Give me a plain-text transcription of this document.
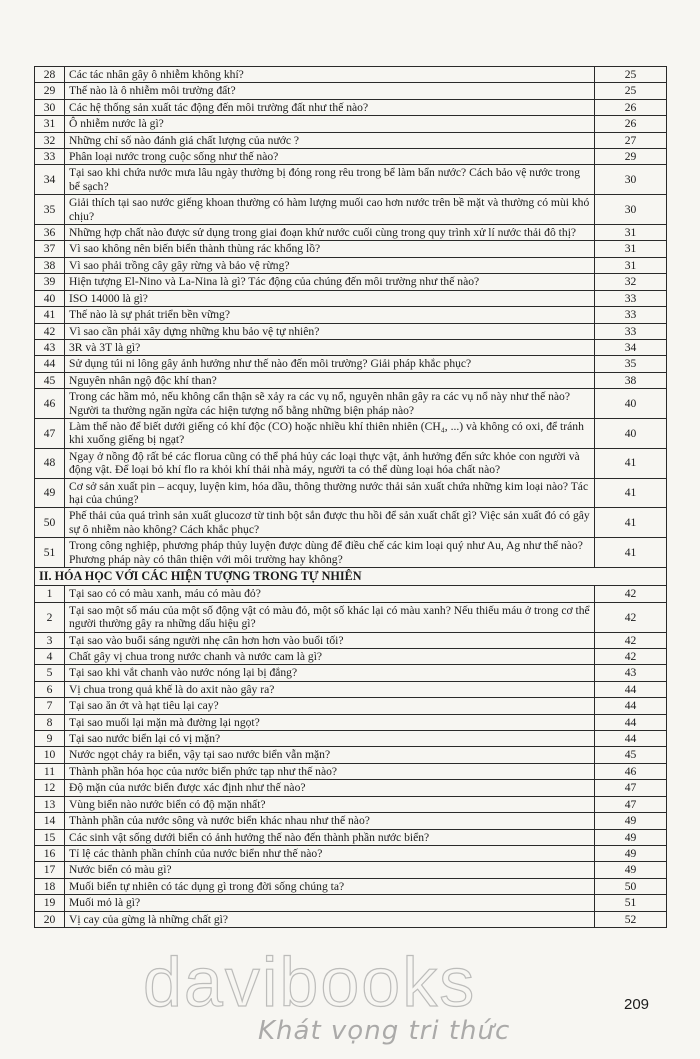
28	Các tác nhân gây ô nhiễm không khí?	25
29	Thế nào là ô nhiễm môi trường đất?	25
30	Các hệ thống sản xuất tác động đến môi trường đất như thế nào?	26
31	Ô nhiễm nước là gì?	26
32	Những chỉ số nào đánh giá chất lượng của nước ?	27
33	Phân loại nước trong cuộc sống như thế nào?	29
34	Tại sao khi chứa nước mưa lâu ngày thường bị đóng rong rêu trong bể làm bẩn nước? Cách bảo vệ nước trong bể sạch?	30
35	Giải thích tại sao nước giếng khoan thường có hàm lượng muối cao hơn nước trên bề mặt và thường có mùi khó chịu?	30
36	Những hợp chất nào được sử dụng trong giai đoạn khử nước cuối cùng trong quy trình xử lí nước thải đô thị?	31
37	Vì sao không nên biến biển thành thùng rác khổng lồ?	31
38	Vì sao phải trồng cây gây rừng và bảo vệ rừng?	31
39	Hiện tượng El-Nino và La-Nina là gì? Tác động của chúng đến môi trường như thế nào?	32
40	ISO 14000 là gì?	33
41	Thế nào là sự phát triển bền vững?	33
42	Vì sao cần phải xây dựng những khu bảo vệ tự nhiên?	33
43	3R và 3T là gì?	34
44	Sử dụng túi ni lông gây ảnh hưởng như thế nào đến môi trường? Giải pháp khắc phục?	35
45	Nguyên nhân ngộ độc khí than?	38
46	Trong các hầm mỏ, nếu không cẩn thận sẽ xảy ra các vụ nổ, nguyên nhân gây ra các vụ nổ này như thế nào? Người ta thường ngăn ngừa các hiện tượng nổ bằng những biện pháp nào?	40
47	Làm thế nào để biết dưới giếng có khí độc (CO) hoặc nhiều khí thiên nhiên (CH₄, ...) và không có oxi, để tránh khi xuống giếng bị ngạt?	40
48	Ngay ở nồng độ rất bé các florua cũng có thể phá hủy các loại thực vật, ảnh hưởng đến sức khỏe con người và động vật. Để loại bỏ khí flo ra khỏi khí thải nhà máy, người ta có thể dùng loại hóa chất nào?	41
49	Cơ sở sản xuất pin – acquy, luyện kim, hóa dầu, thông thường nước thải sản xuất chứa những kim loại nào? Tác hại của chúng?	41
50	Phế thải của quá trình sản xuất glucozơ từ tinh bột sắn được thu hồi để sản xuất chất gì? Việc sản xuất đó có gây sự ô nhiễm nào không? Cách khắc phục?	41
51	Trong công nghiệp, phương pháp thủy luyện được dùng để điều chế các kim loại quý như Au, Ag như thế nào? Phương pháp này có thân thiện với môi trường hay không?	41
II. HÓA HỌC VỚI CÁC HIỆN TƯỢNG TRONG TỰ NHIÊN		
1	Tại sao cỏ có màu xanh, máu có màu đỏ?	42
2	Tại sao một số máu của một số động vật có màu đỏ, một số khác lại có màu xanh? Nếu thiếu máu ở trong cơ thể người thường gây ra những dấu hiệu gì?	42
3	Tại sao vào buổi sáng người nhẹ cân hơn hơn vào buổi tối?	42
4	Chất gây vị chua trong nước chanh và nước cam là gì?	42
5	Tại sao khi vắt chanh vào nước nóng lại bị đắng?	43
6	Vị chua trong quả khế là do axit nào gây ra?	44
7	Tại sao ăn ớt và hạt tiêu lại cay?	44
8	Tại sao muối lại mặn mà đường lại ngọt?	44
9	Tại sao nước biển lại có vị mặn?	44
10	Nước ngọt chảy ra biển, vậy tại sao nước biển vẫn mặn?	45
11	Thành phần hóa học của nước biển phức tạp như thế nào?	46
12	Độ mặn của nước biển được xác định như thế nào?	47
13	Vùng biển nào nước biển có độ mặn nhất?	47
14	Thành phần của nước sông và nước biển khác nhau như thế nào?	49
15	Các sinh vật sống dưới biển có ảnh hưởng thế nào đến thành phần nước biển?	49
16	Tỉ lệ các thành phần chính của nước biển như thế nào?	49
17	Nước biển có màu gì?	49
18	Muối biển tự nhiên có tác dụng gì trong đời sống chúng ta?	50
19	Muối mỏ là gì?	51
20	Vị cay của gừng là những chất gì?	52
209
davibooks
Khát vọng tri thức
